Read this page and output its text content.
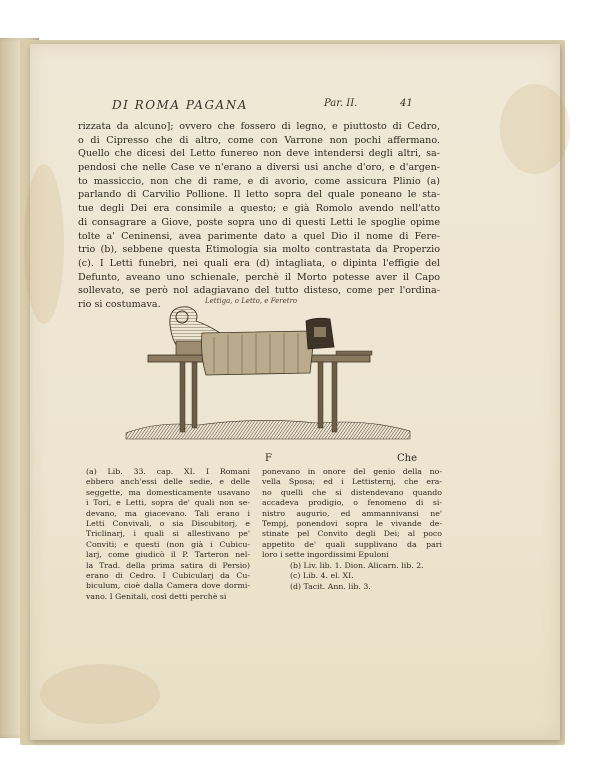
DI ROMA PAGANA	Par. II.	41
rizzata da alcuno]; ovvero che fossero di legno, e piuttosto di Cedro,
o di Cipresso che di altro, come con Varrone non pochi affermano.
Quello che dicesi del Letto funereo non deve intendersi degli altri, sa-
pendosi che nelle Case ve n'erano a diversi usi anche d'oro, e d'argen-
to massiccio, non che di rame, e di avorio, come assicura Plinio (a)
parlando di Carvilio Pollione. Il letto sopra del quale poneano le sta-
tue degli Dei era consimile a questo; e già Romolo avendo nell'atto
di consagrare a Giove, poste sopra uno di questi Letti le spoglie opime
tolte a' Ceninensi, avea parimente dato a quel Dio il nome di Fere-
trio (b), sebbene questa Etimologia sia molto contrastata da Properzio
(c). I Letti funebri, nei quali era (d) intagliata, o dipinta l'effigie del
Defunto, aveano uno schienale, perchè il Morto potesse aver il Capo
sollevato, se però nol adagiavano del tutto disteso, come per l'ordina-
rio si costumava.	Lettiga, o Letto, e Feretro
F	Che
(a) Lib. 33. cap. XI. I Romani
ebbero anch'essi delle sedie, e delle
seggette, ma domesticamente usavano
i Tori, e Letti, sopra de' quali non se-
devano, ma giacevano. Tali erano i
Letti Convivali, o sia Discubitorj, e
Triclinarj, i quali si allestivano pe'
Conviti; e questi (non già i Cubicu-
larj, come giudicò il P. Tarteron nel-
la Trad. della prima satira di Persio)
erano di Cedro. I Cubicularj da Cu-
biculum, cioè dalla Camera dove dormi-
vano. I Genitali, così detti perchè si
ponevano in onore del genio della no-
vella Sposa; ed i Lettisternj, che era-
no quelli che si distendevano quando
accadeva prodigio, o fenomeno di si-
nistro augurio, ed ammannivansi ne'
Tempj, ponendovi sopra le vivande de-
stinate pel Convito degli Dei; al poco
appetito de' quali supplivano da pari
loro i sette ingordissimi Epuloni
(b) Liv. lib. 1. Dion. Alicarn. lib. 2.
(c) Lib. 4. el. XI.
(d) Tacit. Ann. lib. 3.
